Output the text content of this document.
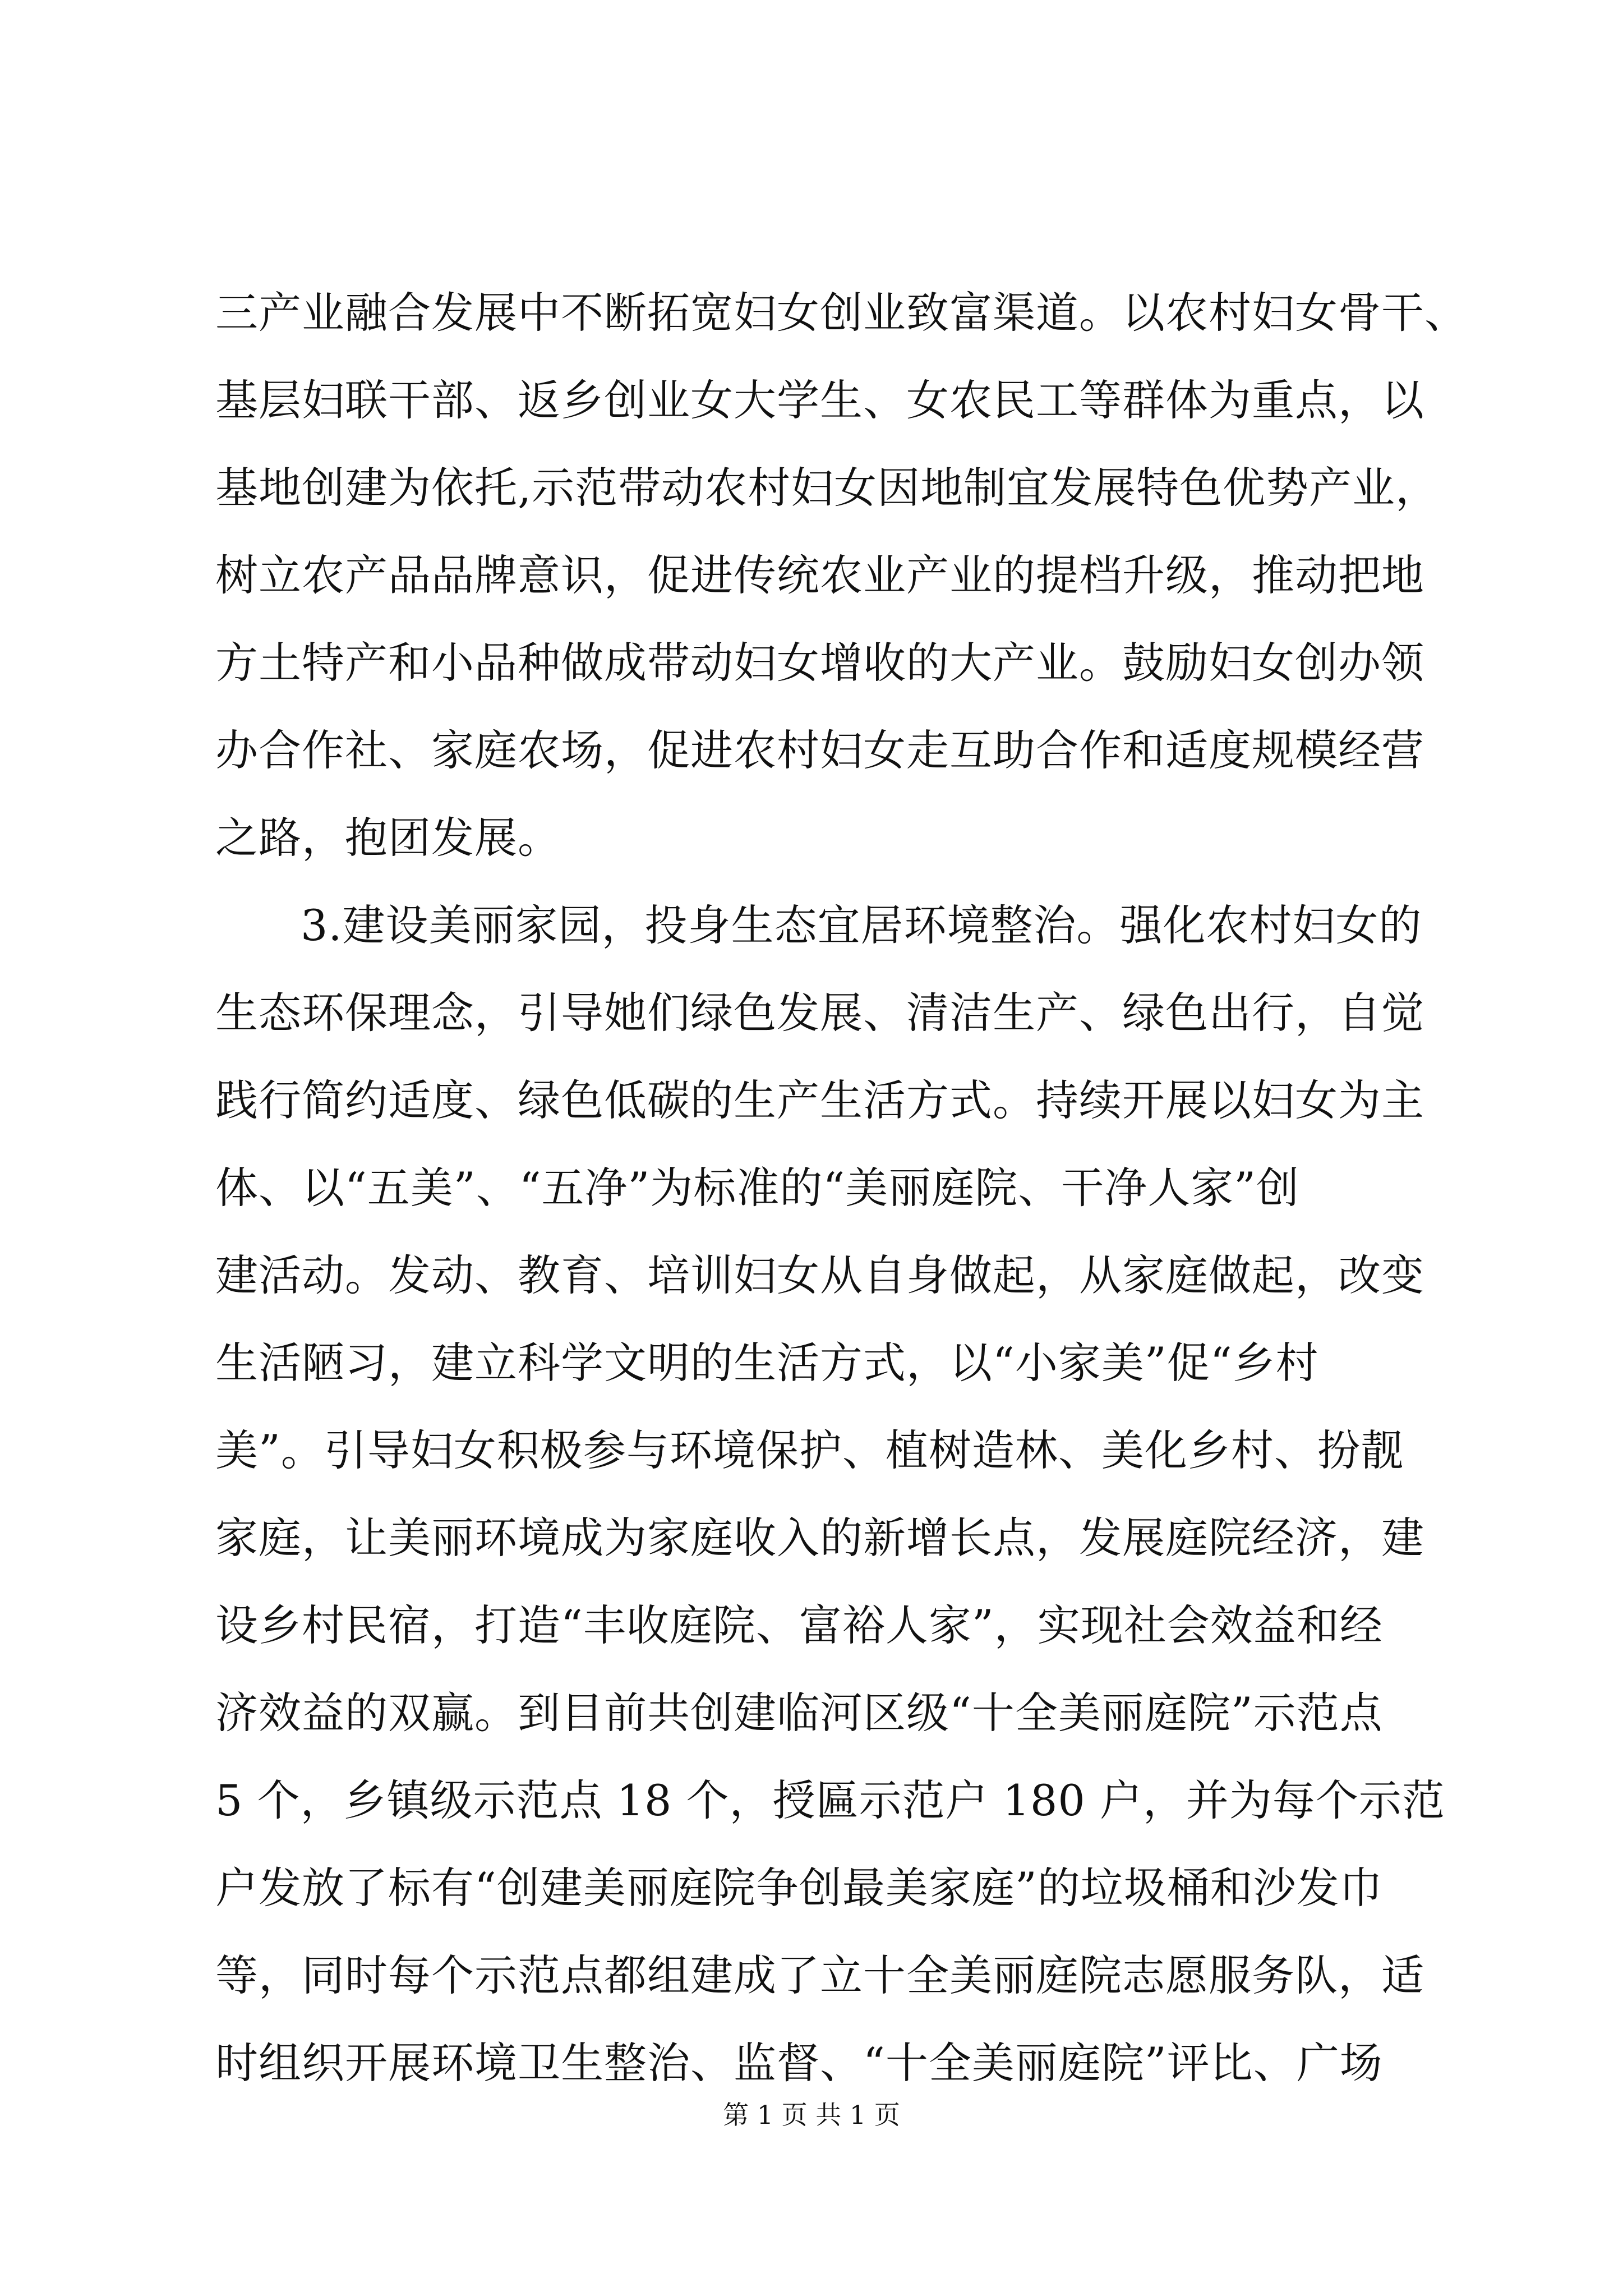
三产业融合发展中不断拓宽妇女创业致富渠道。以农村妇女骨干、
基层妇联干部、返乡创业女大学生、女农民工等群体为重点，以
基地创建为依托,示范带动农村妇女因地制宜发展特色优势产业，
树立农产品品牌意识，促进传统农业产业的提档升级，推动把地
方土特产和小品种做成带动妇女增收的大产业。鼓励妇女创办领
办合作社、家庭农场，促进农村妇女走互助合作和适度规模经营
之路，抱团发展。
3.建设美丽家园，投身生态宜居环境整治。强化农村妇女的
生态环保理念，引导她们绿色发展、清洁生产、绿色出行，自觉
践行简约适度、绿色低碳的生产生活方式。持续开展以妇女为主
体、以“五美”、“五净”为标准的“美丽庭院、干净人家”创
建活动。发动、教育、培训妇女从自身做起，从家庭做起，改变
生活陋习，建立科学文明的生活方式，以“小家美”促“乡村
美”。引导妇女积极参与环境保护、植树造林、美化乡村、扮靓
家庭，让美丽环境成为家庭收入的新增长点，发展庭院经济，建
设乡村民宿，打造“丰收庭院、富裕人家”，实现社会效益和经
济效益的双赢。到目前共创建临河区级“十全美丽庭院”示范点
5 个，乡镇级示范点 18 个，授匾示范户 180 户，并为每个示范
户发放了标有“创建美丽庭院争创最美家庭”的垃圾桶和沙发巾
等，同时每个示范点都组建成了立十全美丽庭院志愿服务队，适
时组织开展环境卫生整治、监督、“十全美丽庭院”评比、广场
第 1 页 共 1 页
